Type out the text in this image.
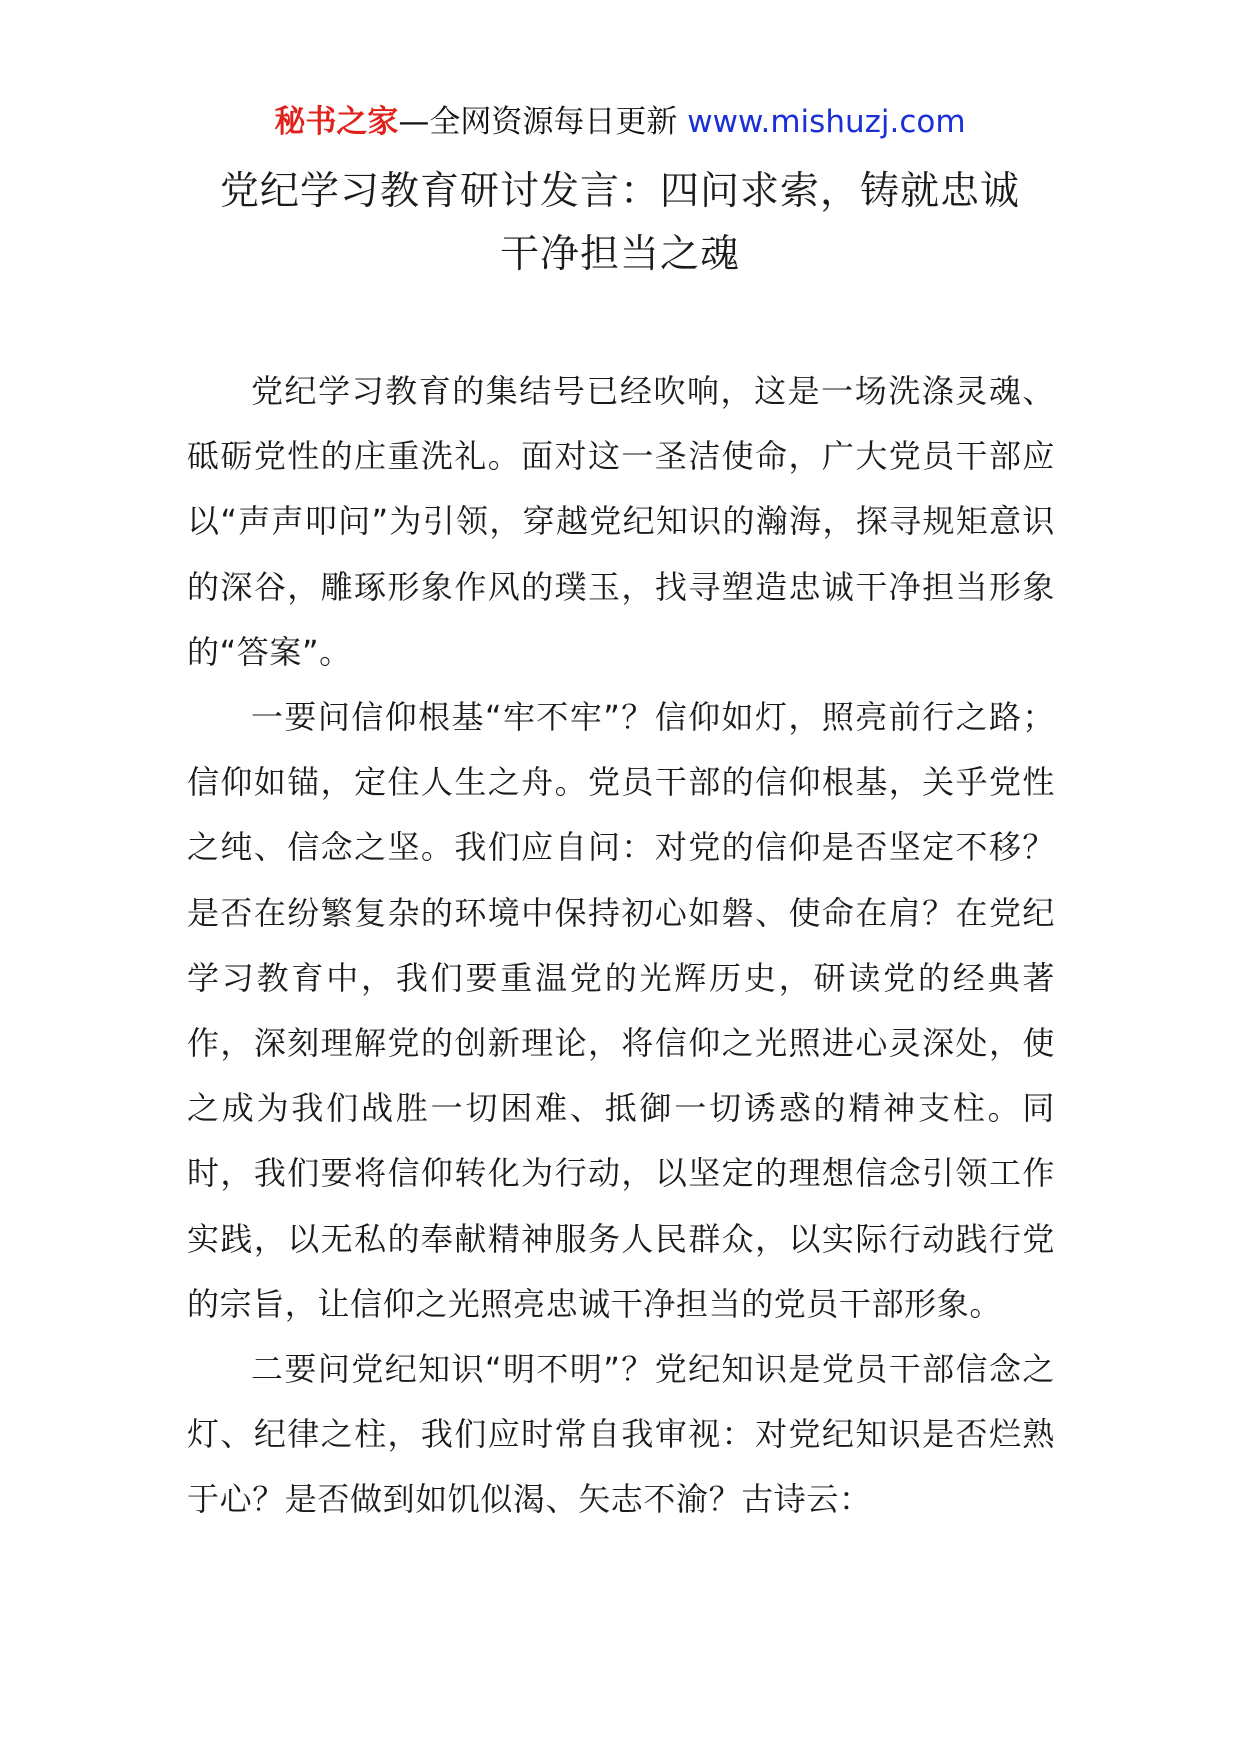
秘书之家—全网资源每日更新 www.mishuzj.com
党纪学习教育研讨发言：四问求索，铸就忠诚
干净担当之魂

党纪学习教育的集结号已经吹响，这是一场洗涤灵魂、砥砺党性的庄重洗礼。面对这一圣洁使命，广大党员干部应以“声声叩问”为引领，穿越党纪知识的瀚海，探寻规矩意识的深谷，雕琢形象作风的璞玉，找寻塑造忠诚干净担当形象的“答案”。

一要问信仰根基“牢不牢”？信仰如灯，照亮前行之路；信仰如锚，定住人生之舟。党员干部的信仰根基，关乎党性之纯、信念之坚。我们应自问：对党的信仰是否坚定不移？是否在纷繁复杂的环境中保持初心如磐、使命在肩？在党纪学习教育中，我们要重温党的光辉历史，研读党的经典著作，深刻理解党的创新理论，将信仰之光照进心灵深处，使之成为我们战胜一切困难、抵御一切诱惑的精神支柱。同时，我们要将信仰转化为行动，以坚定的理想信念引领工作实践，以无私的奉献精神服务人民群众，以实际行动践行党的宗旨，让信仰之光照亮忠诚干净担当的党员干部形象。

二要问党纪知识“明不明”？党纪知识是党员干部信念之灯、纪律之柱，我们应时常自我审视：对党纪知识是否烂熟于心？是否做到如饥似渴、矢志不渝？古诗云：
